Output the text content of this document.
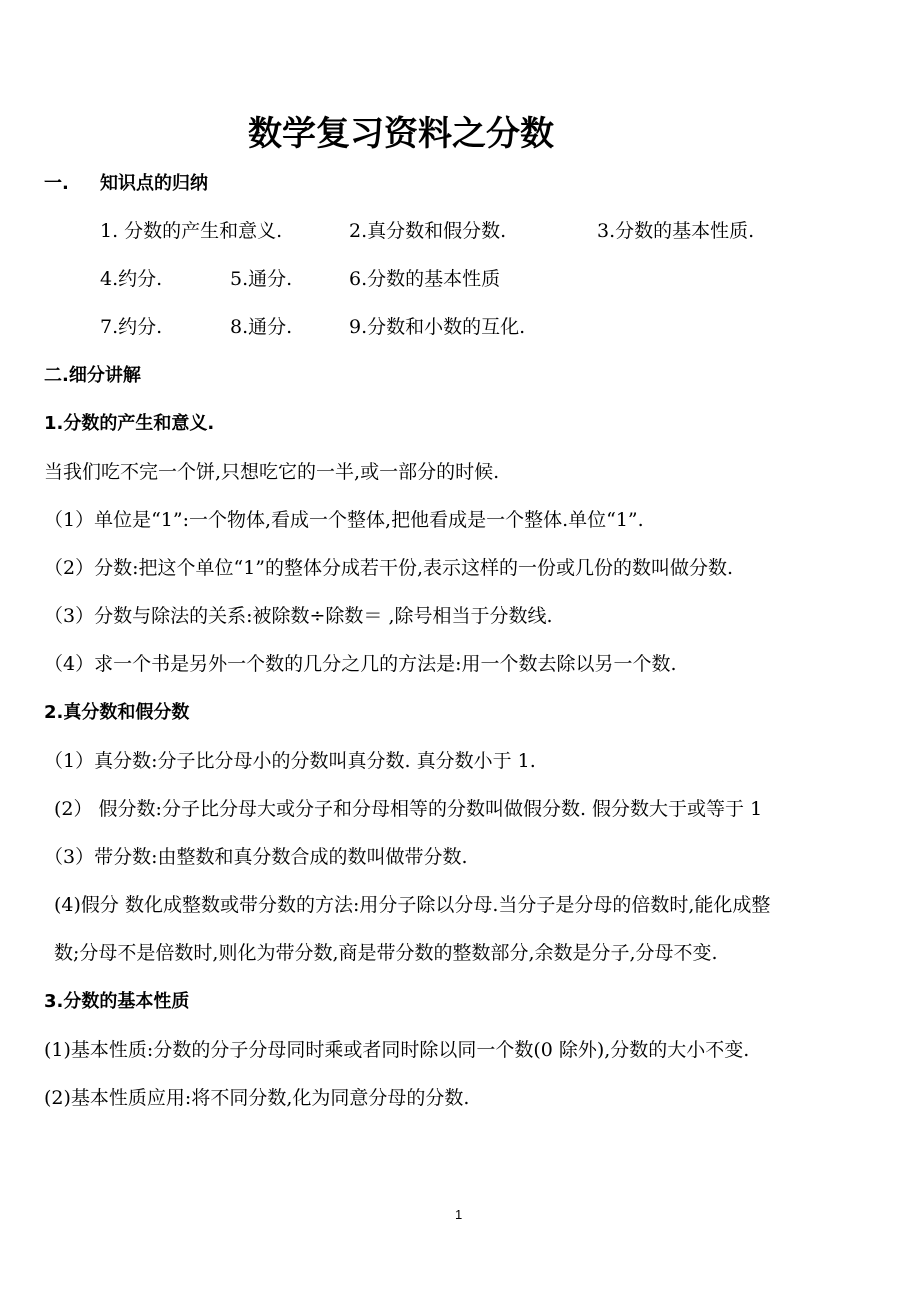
数学复习资料之分数
一. 知识点的归纳
1. 分数的产生和意义.	2.真分数和假分数.	3.分数的基本性质.
4.约分.	5.通分.	6.分数的基本性质
7.约分.	8.通分.	9.分数和小数的互化.
二.细分讲解
1.分数的产生和意义.
当我们吃不完一个饼,只想吃它的一半,或一部分的时候.
（1）单位是“1”:一个物体,看成一个整体,把他看成是一个整体.单位“1”.
（2）分数:把这个单位“1”的整体分成若干份,表示这样的一份或几份的数叫做分数.
（3）分数与除法的关系:被除数÷除数＝ ,除号相当于分数线.
（4）求一个书是另外一个数的几分之几的方法是:用一个数去除以另一个数.
2.真分数和假分数
（1）真分数:分子比分母小的分数叫真分数. 真分数小于 1.
(2） 假分数:分子比分母大或分子和分母相等的分数叫做假分数. 假分数大于或等于 1
（3）带分数:由整数和真分数合成的数叫做带分数.
(4)假分 数化成整数或带分数的方法:用分子除以分母.当分子是分母的倍数时,能化成整
数;分母不是倍数时,则化为带分数,商是带分数的整数部分,余数是分子,分母不变.
3.分数的基本性质
(1)基本性质:分数的分子分母同时乘或者同时除以同一个数(0 除外),分数的大小不变.
(2)基本性质应用:将不同分数,化为同意分母的分数.
1
